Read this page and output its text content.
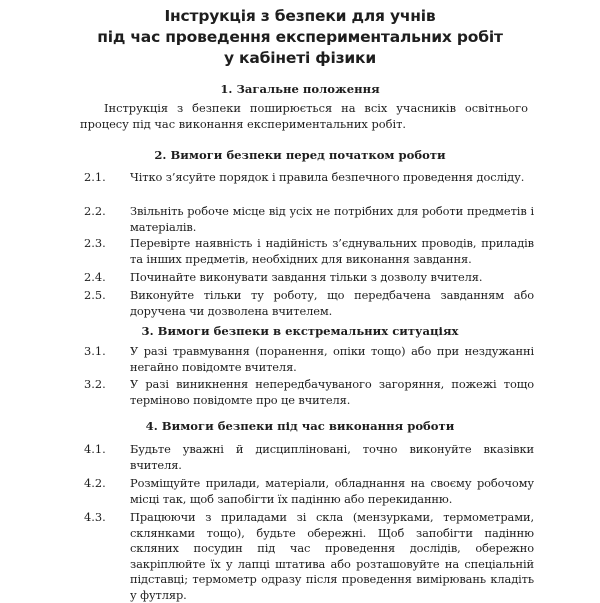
Інструкція з безпеки для учнів
під час проведення експериментальних робіт
у кабінеті фізики
1. Загальне положення
Інструкція з безпеки поширюється на всіх учасників освітнього процесу під час виконання експериментальних робіт.
2. Вимоги безпеки перед початком роботи
2.1.	Чітко з’ясуйте порядок і правила безпечного проведення досліду.
2.2.	Звільніть робоче місце від усіх не потрібних для роботи предметів і матеріалів.
2.3.	Перевірте наявність і надійність з’єднувальних проводів, приладів та інших предметів, необхідних для виконання завдання.
2.4.	Починайте виконувати завдання тільки з дозволу вчителя.
2.5.	Виконуйте тільки ту роботу, що передбачена завданням або доручена чи дозволена вчителем.
3. Вимоги безпеки в екстремальних ситуаціях
3.1.	У разі травмування (поранення, опіки тощо) або при нездужанні негайно повідомте вчителя.
3.2.	У разі виникнення непередбачуваного загоряння, пожежі тощо терміново повідомте про це вчителя.
4. Вимоги безпеки під час виконання роботи
4.1.	Будьте уважні й дисципліновані, точно виконуйте вказівки вчителя.
4.2.	Розміщуйте прилади, матеріали, обладнання на своєму робочому місці так, щоб запобігти їх падінню або перекиданню.
4.3.	Працюючи з приладами зі скла (мензурками, термометрами, склянками тощо), будьте обережні. Щоб запобігти падінню скляних посудин під час проведення дослідів, обережно закріплюйте їх у лапці штатива або розташовуйте на спеціальній підставці; термометр одразу після проведення вимірювань кладіть у футляр.
